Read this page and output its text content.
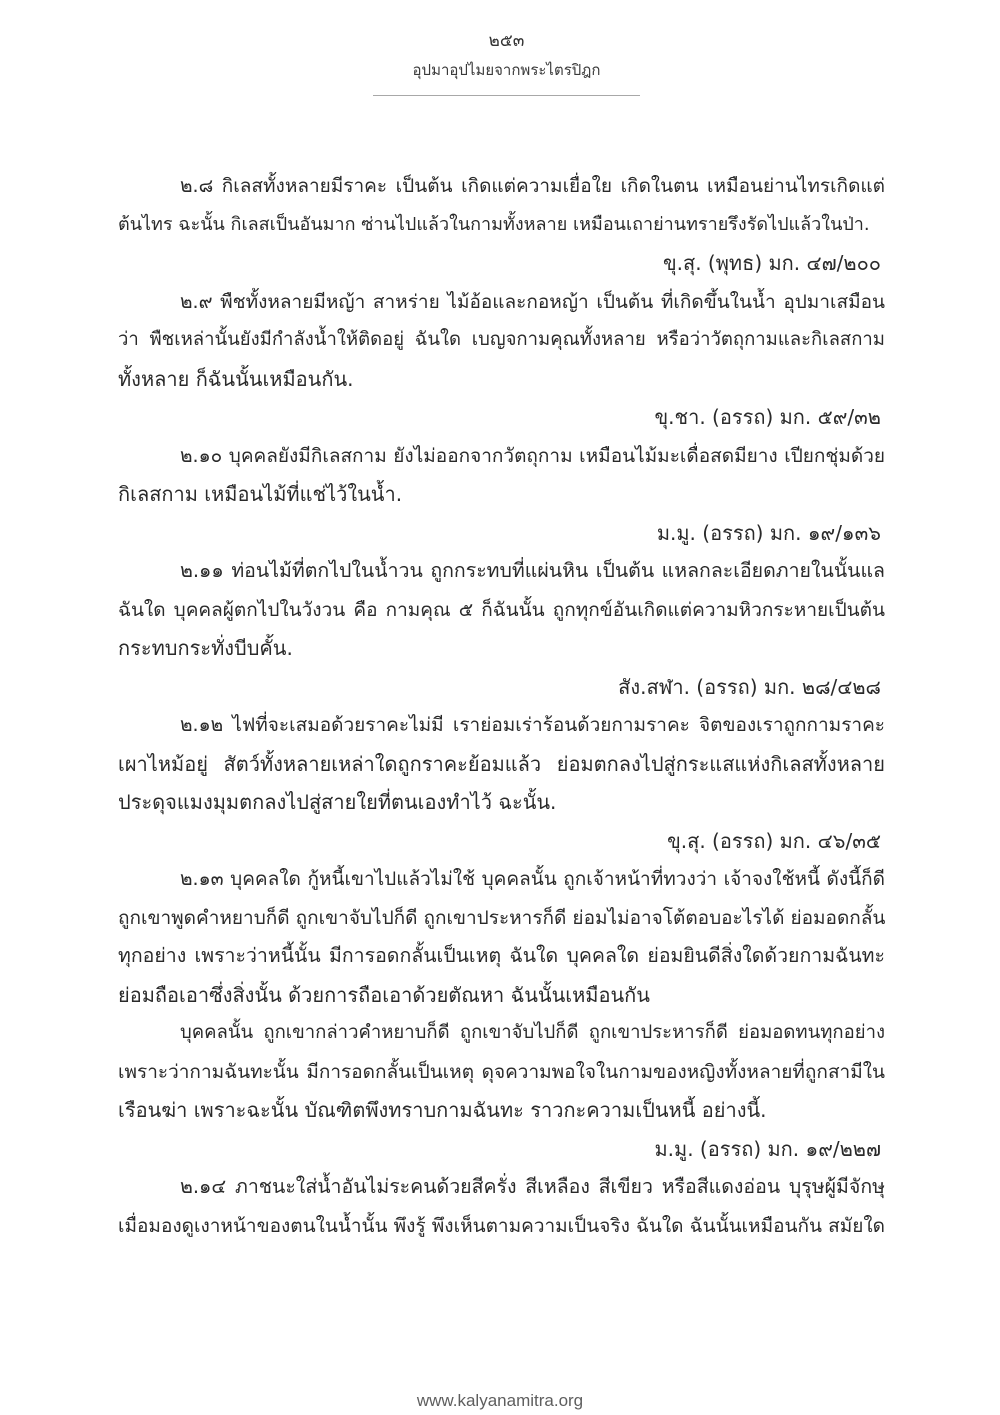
๒๕๓
อุปมาอุปไมยจากพระไตรปิฎก

๒.๘ กิเลสทั้งหลายมีราคะ เป็นต้น เกิดแต่ความเยื่อใย เกิดในตน เหมือนย่านไทรเกิดแต่

ต้นไทร ฉะนั้น กิเลสเป็นอันมาก ซ่านไปแล้วในกามทั้งหลาย เหมือนเถาย่านทรายรึงรัดไปแล้วในป่า.

ขุ.สุ. (พุทธ) มก. ๔๗/๒๐๐

๒.๙ พืชทั้งหลายมีหญ้า สาหร่าย ไม้อ้อและกอหญ้า เป็นต้น ที่เกิดขึ้นในน้ำ อุปมาเสมือน

ว่า พืชเหล่านั้นยังมีกำลังน้ำให้ติดอยู่ ฉันใด เบญจกามคุณทั้งหลาย หรือว่าวัตถุกามและกิเลสกาม

ทั้งหลาย ก็ฉันนั้นเหมือนกัน.

ขุ.ชา. (อรรถ) มก. ๕๙/๓๒

๒.๑๐ บุคคลยังมีกิเลสกาม ยังไม่ออกจากวัตถุกาม เหมือนไม้มะเดื่อสดมียาง เปียกชุ่มด้วย

กิเลสกาม เหมือนไม้ที่แช่ไว้ในน้ำ.

ม.มู. (อรรถ) มก. ๑๙/๑๓๖

๒.๑๑ ท่อนไม้ที่ตกไปในน้ำวน ถูกกระทบที่แผ่นหิน เป็นต้น แหลกละเอียดภายในนั้นแล

ฉันใด บุคคลผู้ตกไปในวังวน คือ กามคุณ ๕ ก็ฉันนั้น ถูกทุกข์อันเกิดแต่ความหิวกระหายเป็นต้น

กระทบกระทั่งบีบคั้น.

สัง.สฬา. (อรรถ) มก. ๒๘/๔๒๘

๒.๑๒ ไฟที่จะเสมอด้วยราคะไม่มี เราย่อมเร่าร้อนด้วยกามราคะ จิตของเราถูกกามราคะ

เผาไหม้อยู่ สัตว์ทั้งหลายเหล่าใดถูกราคะย้อมแล้ว ย่อมตกลงไปสู่กระแสแห่งกิเลสทั้งหลาย

ประดุจแมงมุมตกลงไปสู่สายใยที่ตนเองทำไว้ ฉะนั้น.

ขุ.สุ. (อรรถ) มก. ๔๖/๓๕

๒.๑๓ บุคคลใด กู้หนี้เขาไปแล้วไม่ใช้ บุคคลนั้น ถูกเจ้าหน้าที่ทวงว่า เจ้าจงใช้หนี้ ดังนี้ก็ดี

ถูกเขาพูดคำหยาบก็ดี ถูกเขาจับไปก็ดี ถูกเขาประหารก็ดี ย่อมไม่อาจโต้ตอบอะไรได้ ย่อมอดกลั้น

ทุกอย่าง เพราะว่าหนี้นั้น มีการอดกลั้นเป็นเหตุ ฉันใด บุคคลใด ย่อมยินดีสิ่งใดด้วยกามฉันทะ

ย่อมถือเอาซึ่งสิ่งนั้น ด้วยการถือเอาด้วยตัณหา ฉันนั้นเหมือนกัน

บุคคลนั้น ถูกเขากล่าวคำหยาบก็ดี ถูกเขาจับไปก็ดี ถูกเขาประหารก็ดี ย่อมอดทนทุกอย่าง

เพราะว่ากามฉันทะนั้น มีการอดกลั้นเป็นเหตุ ดุจความพอใจในกามของหญิงทั้งหลายที่ถูกสามีใน

เรือนฆ่า เพราะฉะนั้น บัณฑิตพึงทราบกามฉันทะ ราวกะความเป็นหนี้ อย่างนี้.

ม.มู. (อรรถ) มก. ๑๙/๒๒๗

๒.๑๔ ภาชนะใส่น้ำอันไม่ระคนด้วยสีครั่ง สีเหลือง สีเขียว หรือสีแดงอ่อน บุรุษผู้มีจักษุ

เมื่อมองดูเงาหน้าของตนในน้ำนั้น พึงรู้ พึงเห็นตามความเป็นจริง ฉันใด ฉันนั้นเหมือนกัน สมัยใด

www.kalyanamitra.org
